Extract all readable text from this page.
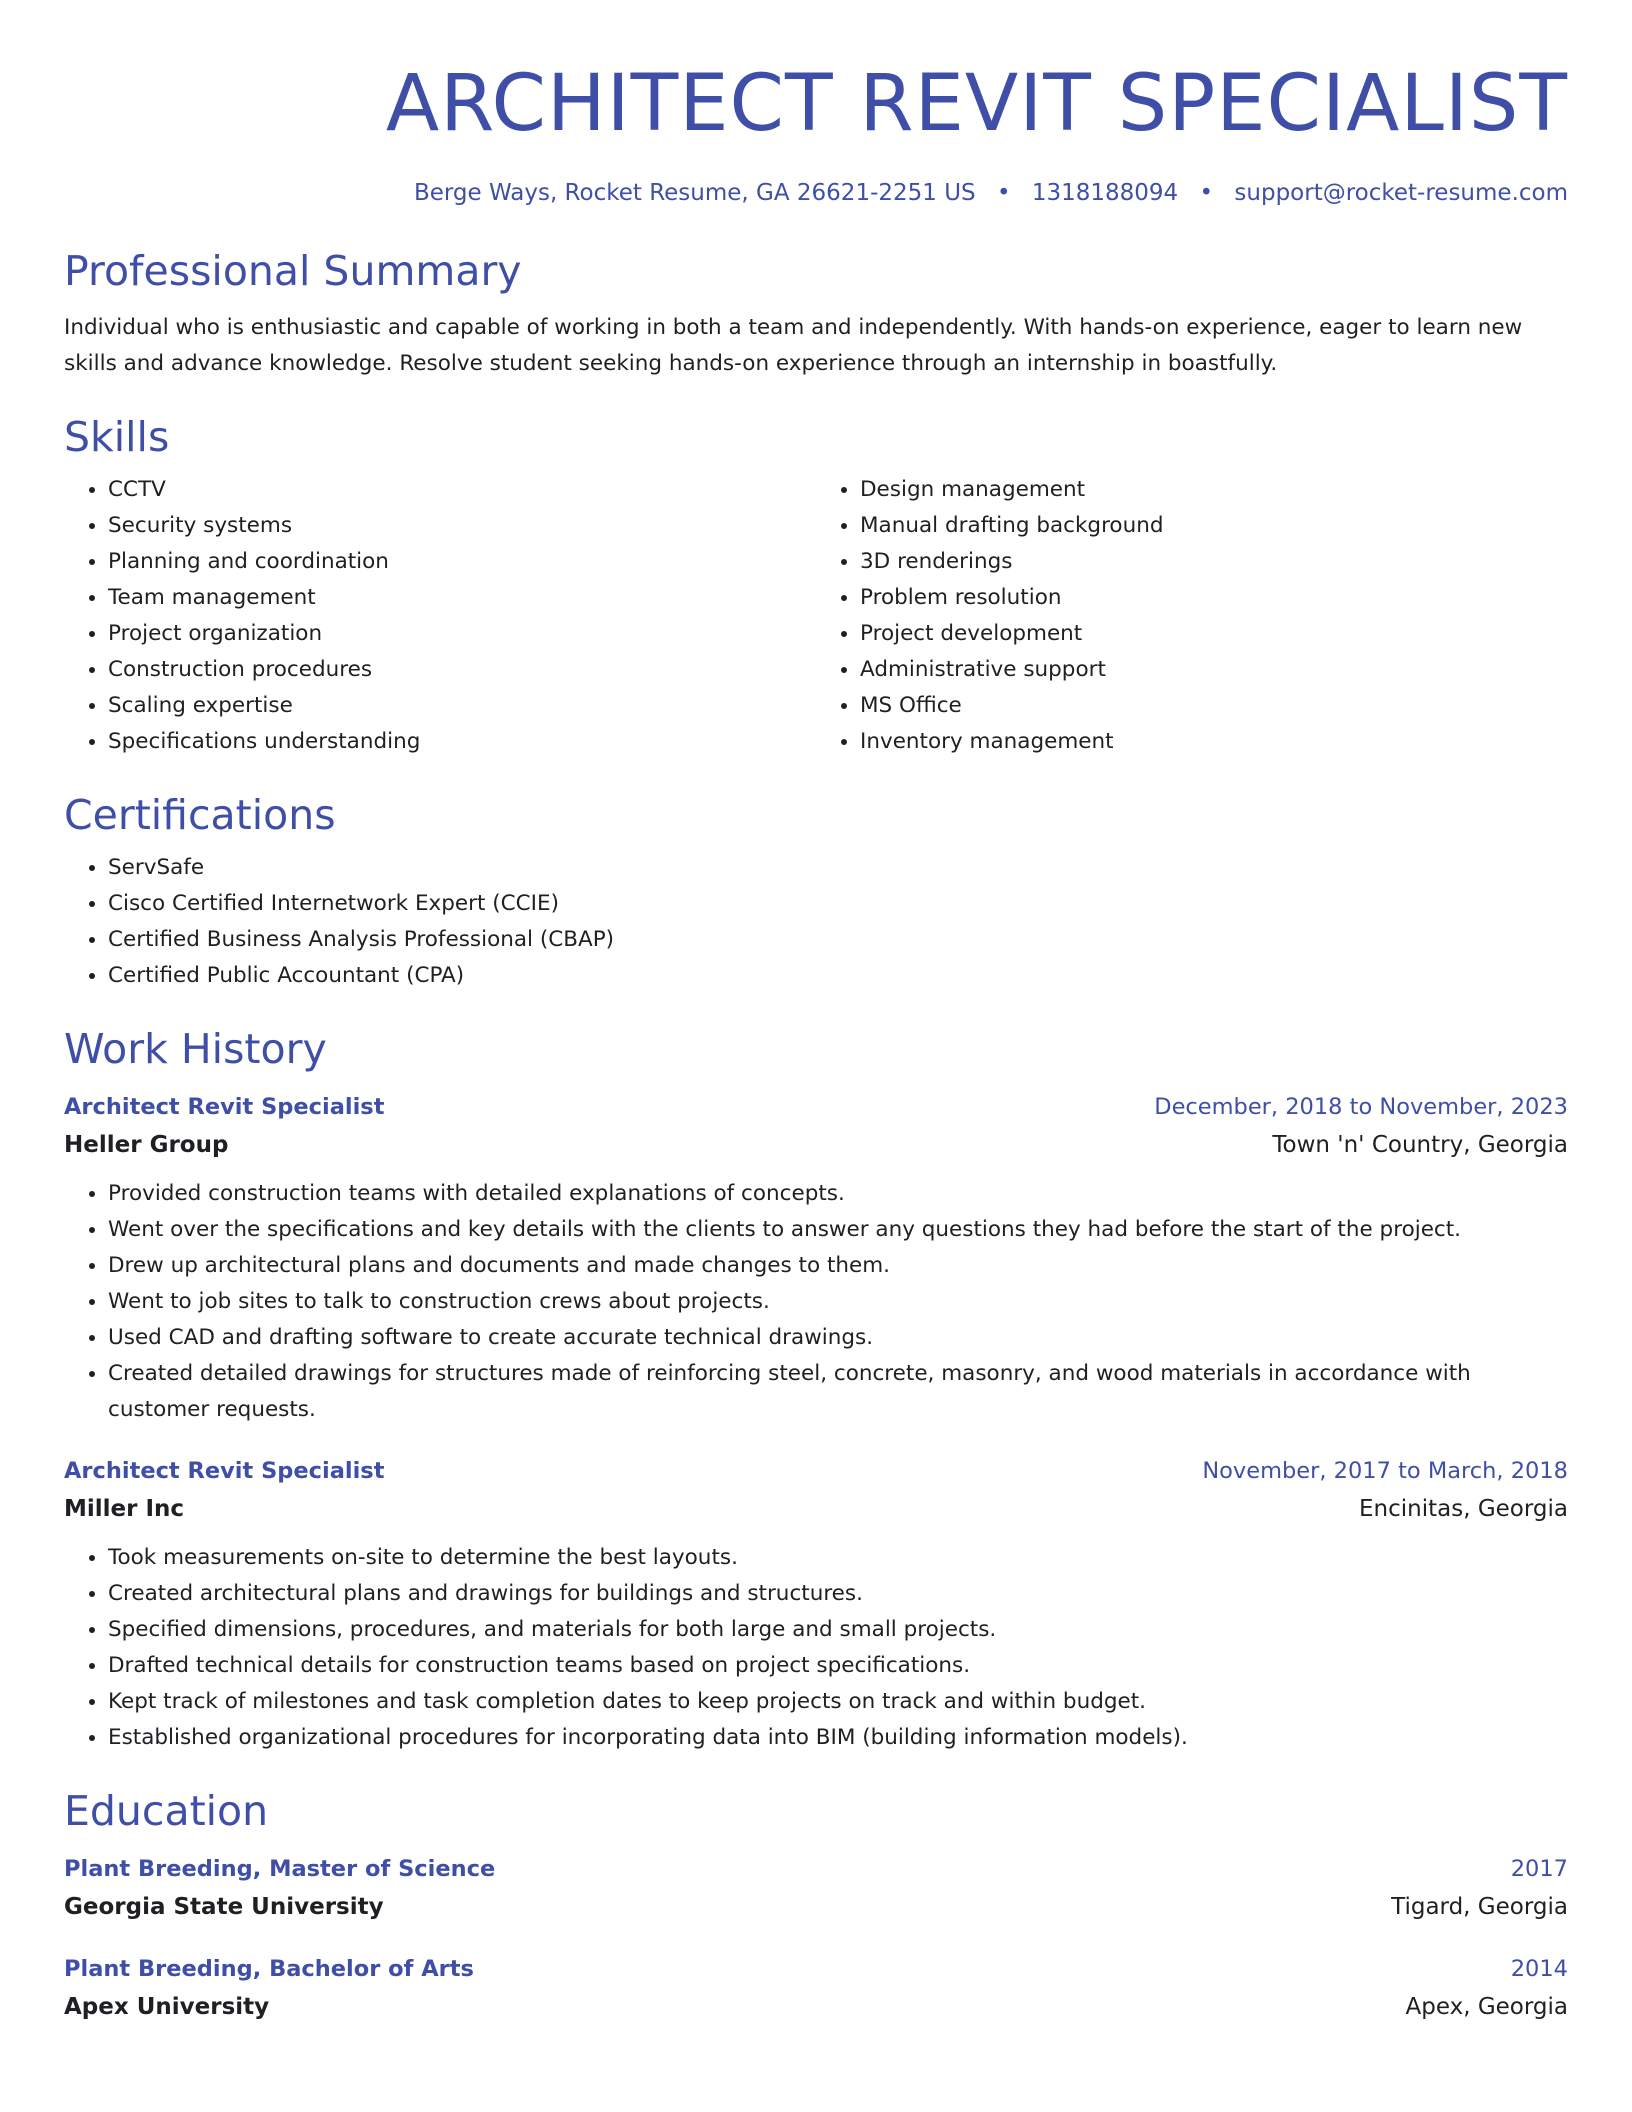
ARCHITECT REVIT SPECIALIST
Berge Ways, Rocket Resume, GA 26621-2251 US • 1318188094 • support@rocket-resume.com
Professional Summary

Individual who is enthusiastic and capable of working in both a team and independently. With hands-on experience, eager to learn new skills and advance knowledge. Resolve student seeking hands-on experience through an internship in boastfully.

Skills
• CCTV
• Security systems
• Planning and coordination
• Team management
• Project organization
• Construction procedures
• Scaling expertise
• Specifications understanding
• Design management
• Manual drafting background
• 3D renderings
• Problem resolution
• Project development
• Administrative support
• MS Office
• Inventory management
Certifications
• ServSafe
• Cisco Certified Internetwork Expert (CCIE)
• Certified Business Analysis Professional (CBAP)
• Certified Public Accountant (CPA)
Work History
Architect Revit Specialist	December, 2018 to November, 2023
Heller Group	Town 'n' Country, Georgia
• Provided construction teams with detailed explanations of concepts.
• Went over the specifications and key details with the clients to answer any questions they had before the start of the project.
• Drew up architectural plans and documents and made changes to them.
• Went to job sites to talk to construction crews about projects.
• Used CAD and drafting software to create accurate technical drawings.
• Created detailed drawings for structures made of reinforcing steel, concrete, masonry, and wood materials in accordance with customer requests.
Architect Revit Specialist	November, 2017 to March, 2018
Miller Inc	Encinitas, Georgia
• Took measurements on-site to determine the best layouts.
• Created architectural plans and drawings for buildings and structures.
• Specified dimensions, procedures, and materials for both large and small projects.
• Drafted technical details for construction teams based on project specifications.
• Kept track of milestones and task completion dates to keep projects on track and within budget.
• Established organizational procedures for incorporating data into BIM (building information models).
Education
Plant Breeding, Master of Science	2017
Georgia State University	Tigard, Georgia
Plant Breeding, Bachelor of Arts	2014
Apex University	Apex, Georgia
